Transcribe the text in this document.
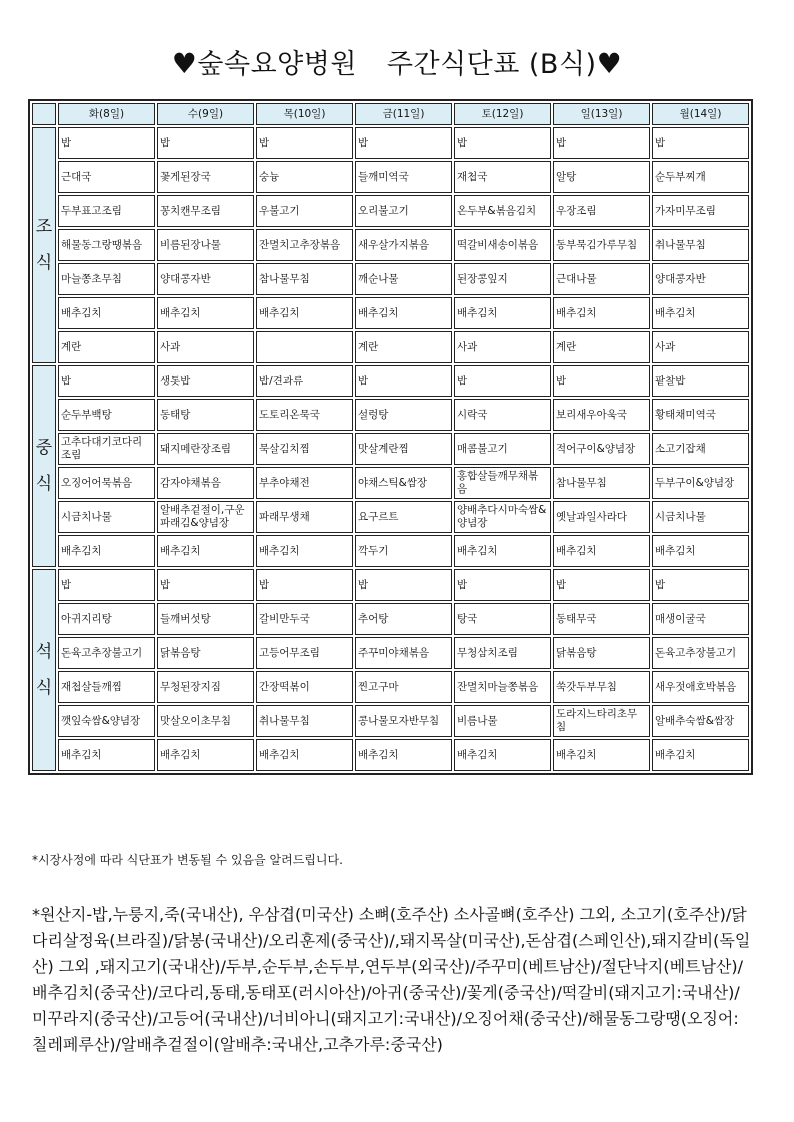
♥숲속요양병원 주간식단표 (B식)♥
	화(8일)	수(9일)	목(10일)	금(11일)	토(12일)	일(13일)	월(14일)

조
식	밥	밥	밥	밥	밥	밥	밥
	근대국	꽃게된장국	숭늉	들깨미역국	재첩국	알탕	순두부찌개
	두부표고조림	꽁치캔무조림	우불고기	오리불고기	온두부&볶음김치	우장조림	가자미무조림
	해물동그랑땡볶음	비름된장나물	잔멸치고추장볶음	새우살가지볶음	떡갈비새송이볶음	동부묵김가루무침	취나물무침
	마늘쫑초무침	양대콩자반	참나물무침	깨순나물	된장콩잎지	근대나물	양대콩자반
	배추김치	배추김치	배추김치	배추김치	배추김치	배추김치	배추김치
	계란	사과		계란	사과	계란	사과

중
식	밥	생톳밥	밥/견과류	밥	밥	밥	팥찰밥
	순두부백탕	동태탕	도토리온묵국	설렁탕	시락국	보리새우아욱국	황태채미역국
	고추다대기코다리조림	돼지메란장조림	묵살김치찜	맛살계란찜	매콤불고기	적어구이&양념장	소고기잡채
	오징어어묵볶음	감자야채볶음	부추야채전	야채스틱&쌈장	홍합살들깨무채볶음	참나물무침	두부구이&양념장
	시금치나물	알배추겉절이,구운파래김&양념장	파래무생채	요구르트	양배추다시마숙쌈&양념장	옛날과일사라다	시금치나물
	배추김치	배추김치	배추김치	깍두기	배추김치	배추김치	배추김치

석
식	밥	밥	밥	밥	밥	밥	밥
	아귀지리탕	들깨버섯탕	갈비만두국	추어탕	탕국	동태무국	매생이굴국
	돈육고추장불고기	닭볶음탕	고등어무조림	주꾸미야채볶음	무청삼치조림	닭볶음탕	돈육고추장불고기
	재첩살들깨찜	무청된장지짐	간장떡볶이	찐고구마	잔멸치마늘쫑볶음	쑥갓두부무침	새우젓애호박볶음
	깻잎숙쌈&양념장	맛살오이초무침	취나물무침	콩나물모자반무침	비름나물	도라지느타리초무침	알배추숙쌈&쌈장
	배추김치	배추김치	배추김치	배추김치	배추김치	배추김치	배추김치
*시장사정에 따라 식단표가 변동될 수 있음을 알려드립니다.
*원산지-밥,누룽지,죽(국내산), 우삼겹(미국산) 소뼈(호주산) 소사골뼈(호주산) 그외, 소고기(호주산)/닭다리살정육(브라질)/닭봉(국내산)/오리훈제(중국산)/,돼지목살(미국산),돈삼겹(스페인산),돼지갈비(독일산) 그외 ,돼지고기(국내산)/두부,순두부,손두부,연두부(외국산)/주꾸미(베트남산)/절단낙지(베트남산)/배추김치(중국산)/코다리,동태,동태포(러시아산)/아귀(중국산)/꽃게(중국산)/떡갈비(돼지고기:국내산)/미꾸라지(중국산)/고등어(국내산)/너비아니(돼지고기:국내산)/오징어채(중국산)/해물동그랑땡(오징어:칠레페루산)/알배추겉절이(알배추:국내산,고추가루:중국산)
